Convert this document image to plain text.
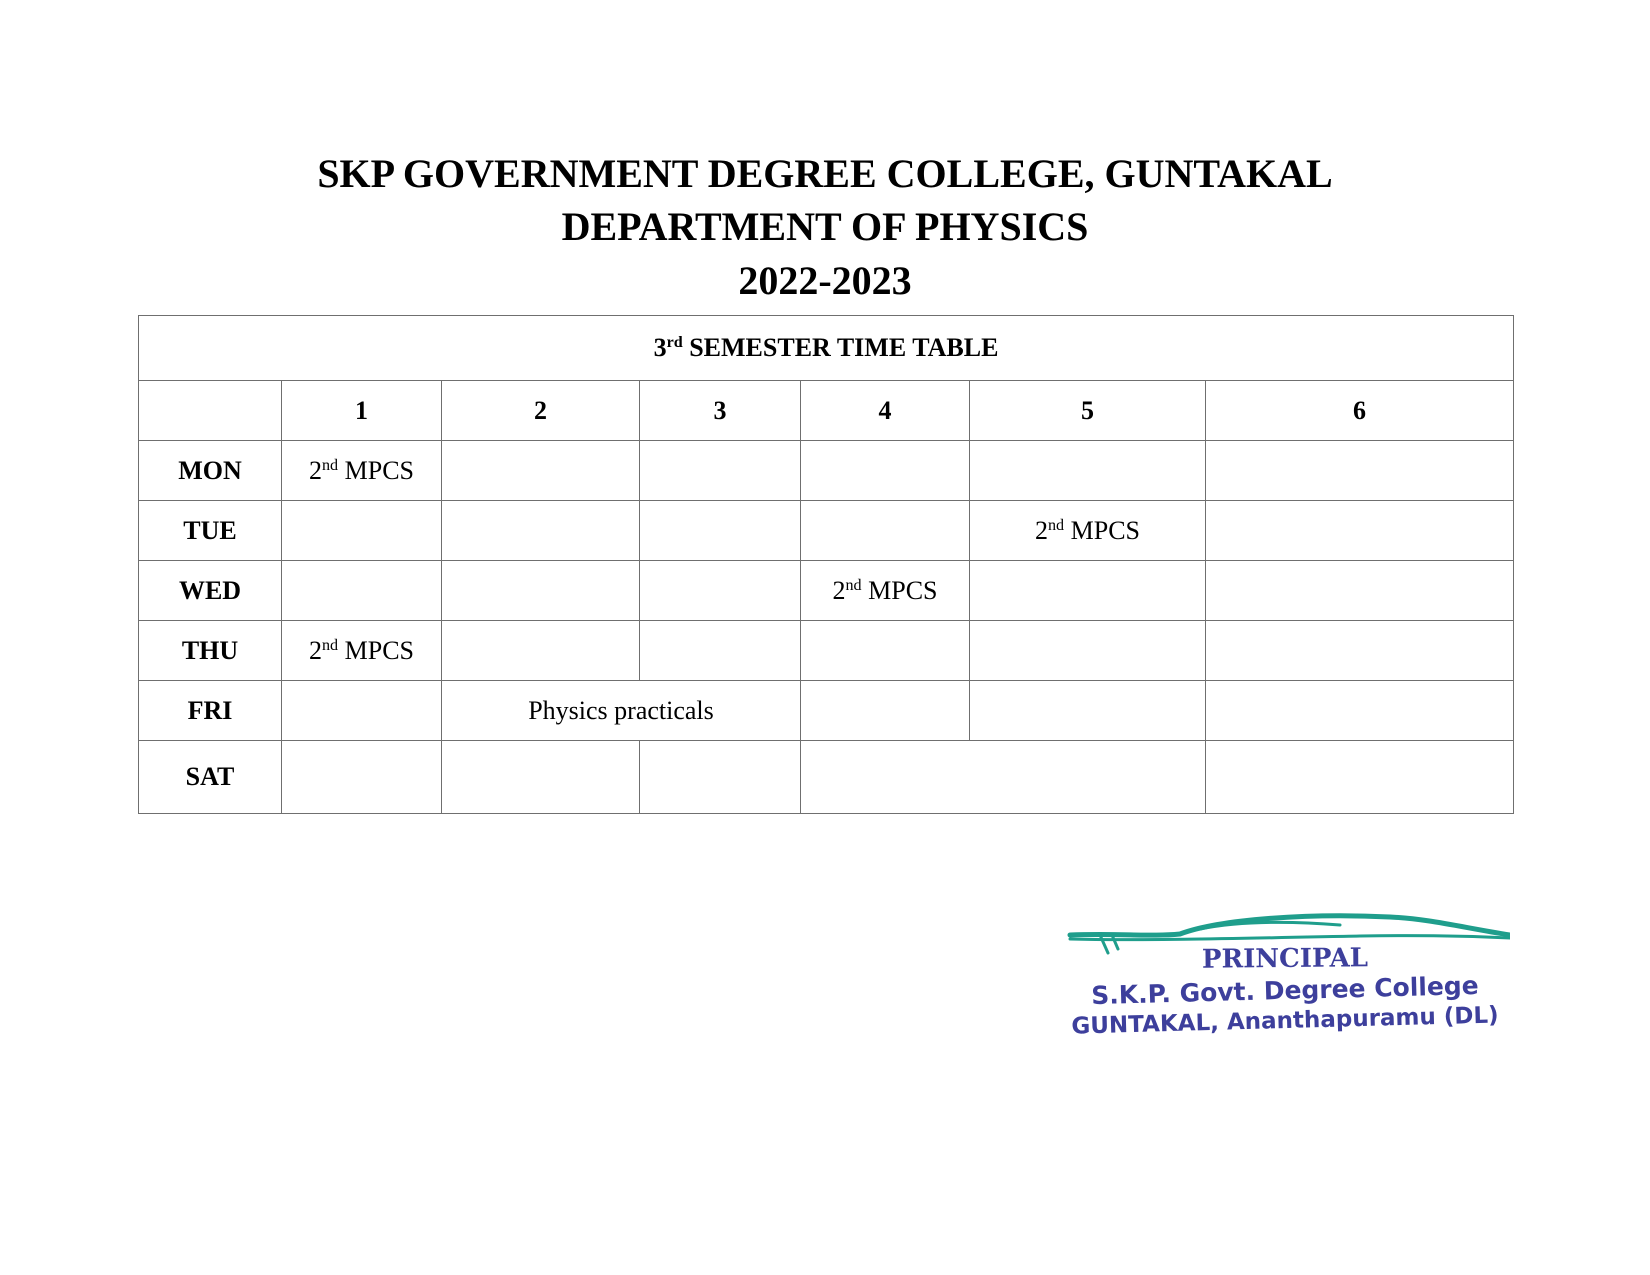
SKP GOVERNMENT DEGREE COLLEGE, GUNTAKAL
DEPARTMENT OF PHYSICS
2022-2023
3rd SEMESTER TIME TABLE						
	1	2	3	4	5	6
MON	2nd MPCS					
TUE					2nd MPCS	
WED				2nd MPCS		
THU	2nd MPCS					
FRI		Physics practicals				
SAT						
PRINCIPAL
S.K.P. Govt. Degree College
GUNTAKAL, Ananthapuramu (DL)
